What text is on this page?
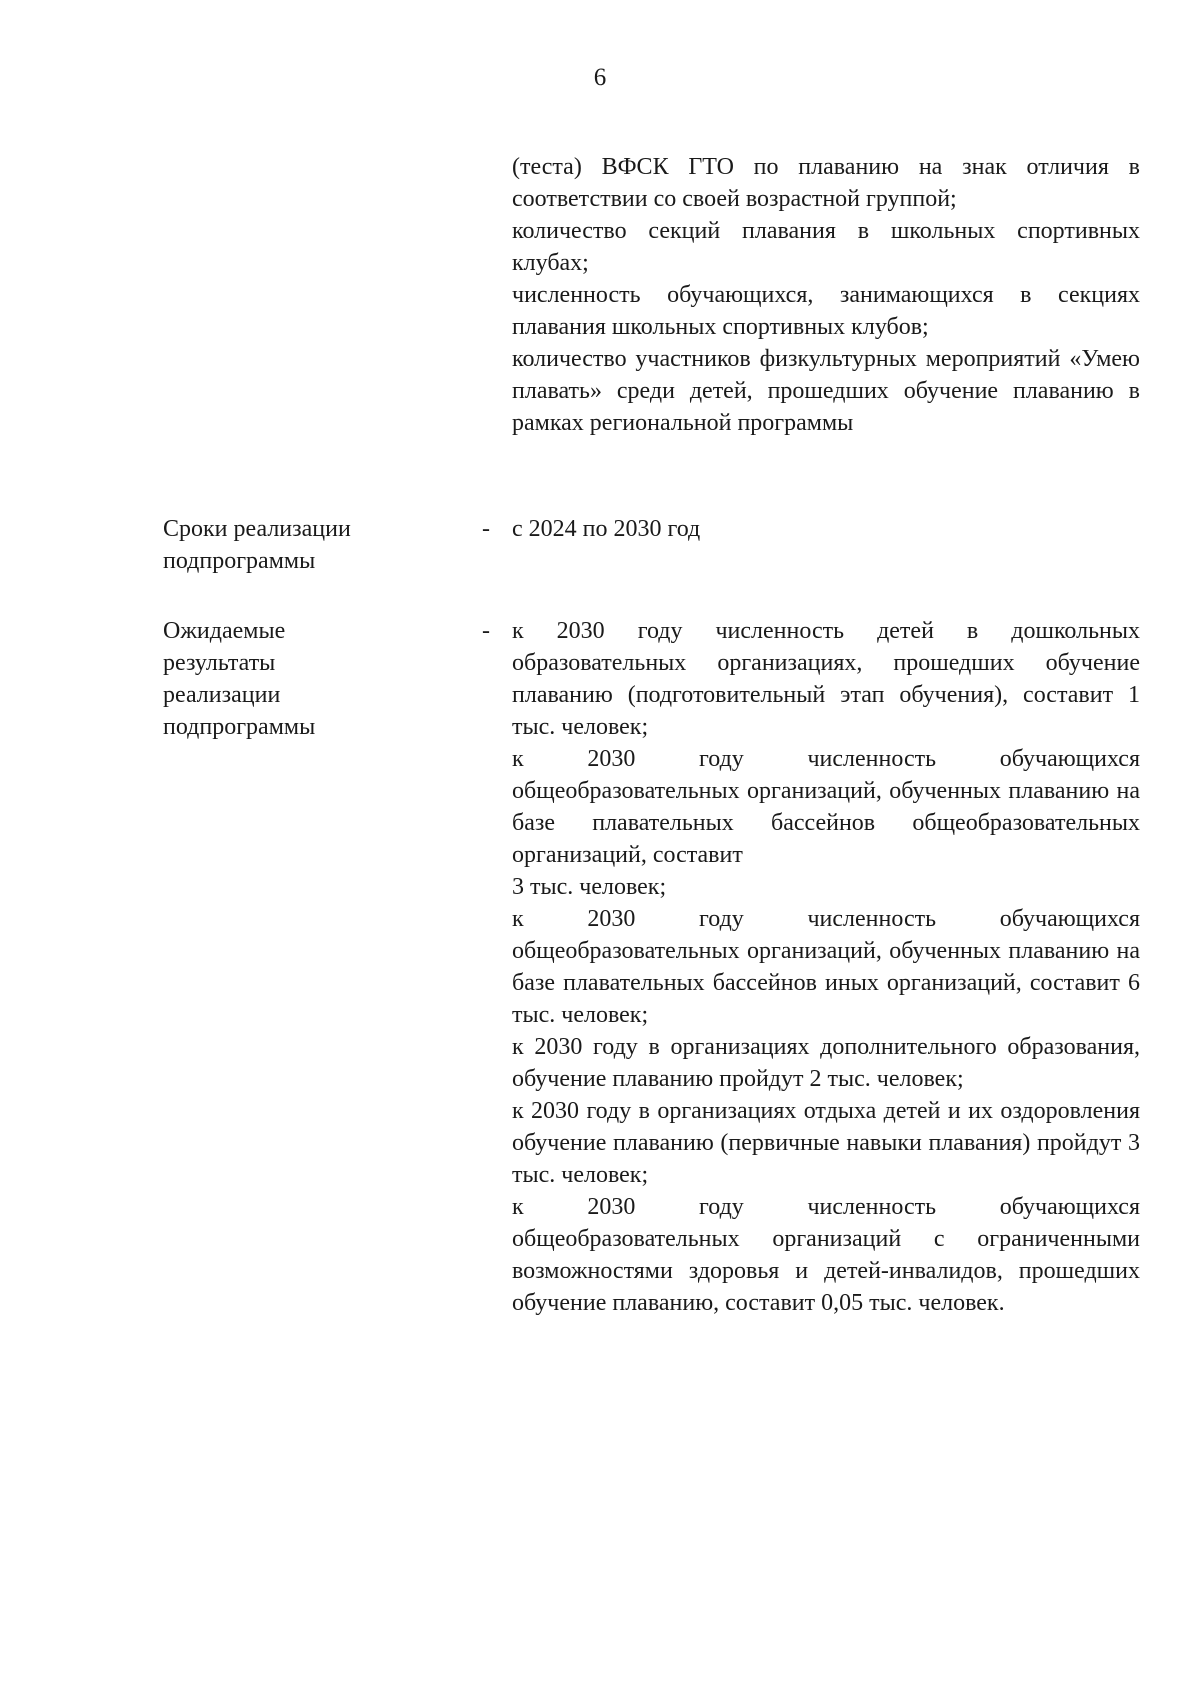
6

(теста) ВФСК ГТО по плаванию на знак отличия в соответствии со своей возрастной группой;

количество секций плавания в школьных спортивных клубах;

численность обучающихся, занимающихся в секциях плавания школьных спортивных клубов;

количество участников физкультурных мероприятий «Умею плавать» среди детей, прошедших обучение плаванию в рамках региональной программы

Сроки реализации
подпрограммы
- с 2024 по 2030 год

Ожидаемые
результаты
реализации
подпрограммы
- к 2030 году численность детей в дошкольных образовательных организациях, прошедших обучение плаванию (подготовительный этап обучения), составит 1 тыс. человек;

к 2030 году численность обучающихся общеобразовательных организаций, обученных плаванию на базе плавательных бассейнов общеобразовательных организаций, составит

3 тыс. человек;

к 2030 году численность обучающихся общеобразовательных организаций, обученных плаванию на базе плавательных бассейнов иных организаций, составит 6 тыс. человек;

к 2030 году в организациях дополнительного образования, обучение плаванию пройдут 2 тыс. человек;

к 2030 году в организациях отдыха детей и их оздоровления обучение плаванию (первичные навыки плавания) пройдут 3 тыс. человек;

к 2030 году численность обучающихся общеобразовательных организаций с ограниченными возможностями здоровья и детей-инвалидов, прошедших обучение плаванию, составит 0,05 тыс. человек.
